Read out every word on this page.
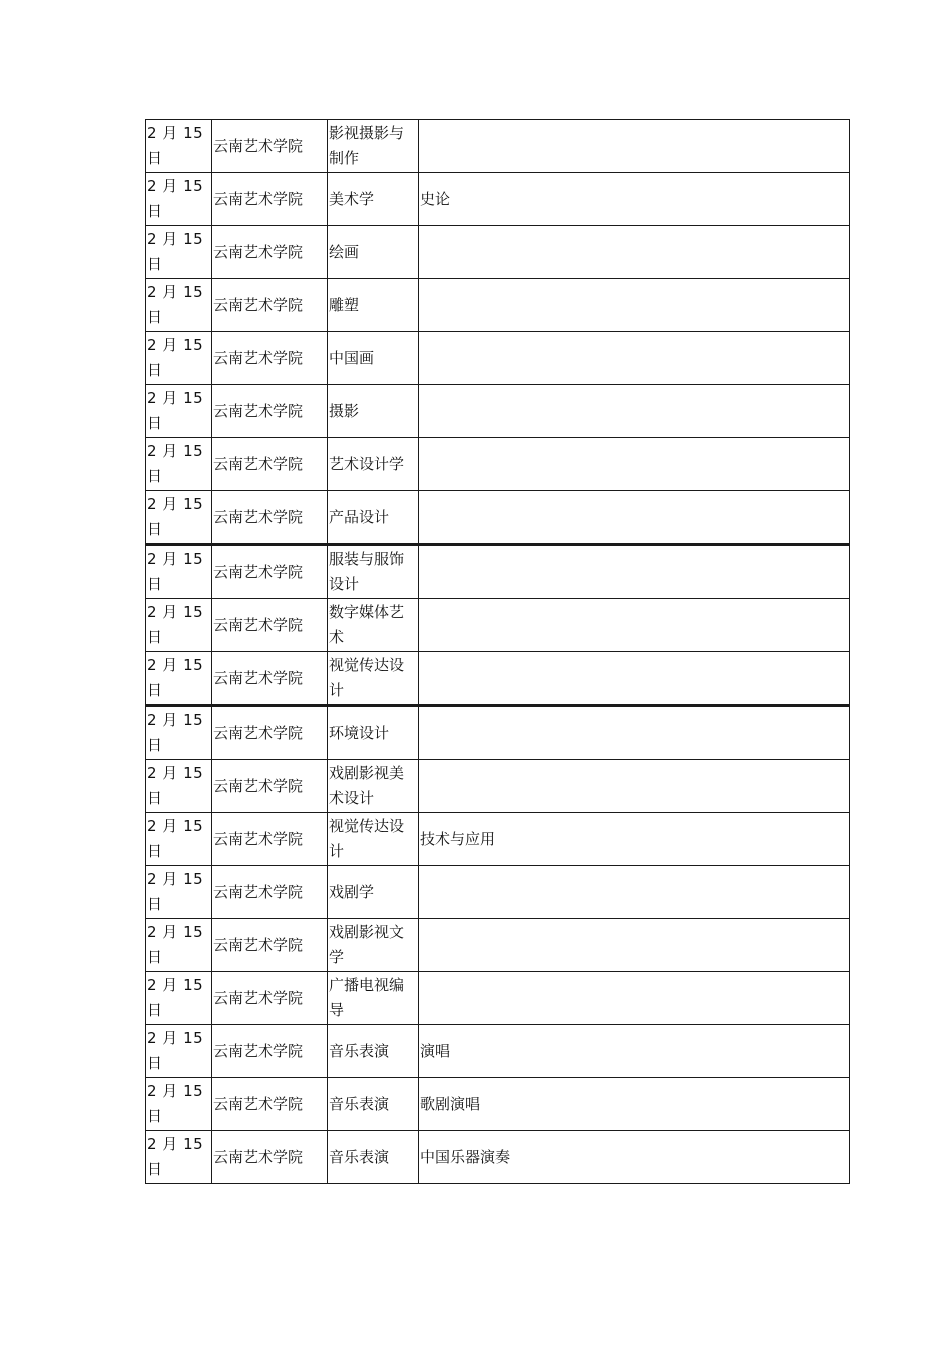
2 月 15 日	云南艺术学院	影视摄影与制作	
2 月 15 日	云南艺术学院	美术学	史论
2 月 15 日	云南艺术学院	绘画	
2 月 15 日	云南艺术学院	雕塑	
2 月 15 日	云南艺术学院	中国画	
2 月 15 日	云南艺术学院	摄影	
2 月 15 日	云南艺术学院	艺术设计学	
2 月 15 日	云南艺术学院	产品设计	
2 月 15 日	云南艺术学院	服装与服饰设计	
2 月 15 日	云南艺术学院	数字媒体艺术	
2 月 15 日	云南艺术学院	视觉传达设计	
2 月 15 日	云南艺术学院	环境设计	
2 月 15 日	云南艺术学院	戏剧影视美术设计	
2 月 15 日	云南艺术学院	视觉传达设计	技术与应用
2 月 15 日	云南艺术学院	戏剧学	
2 月 15 日	云南艺术学院	戏剧影视文学	
2 月 15 日	云南艺术学院	广播电视编导	
2 月 15 日	云南艺术学院	音乐表演	演唱
2 月 15 日	云南艺术学院	音乐表演	歌剧演唱
2 月 15 日	云南艺术学院	音乐表演	中国乐器演奏
